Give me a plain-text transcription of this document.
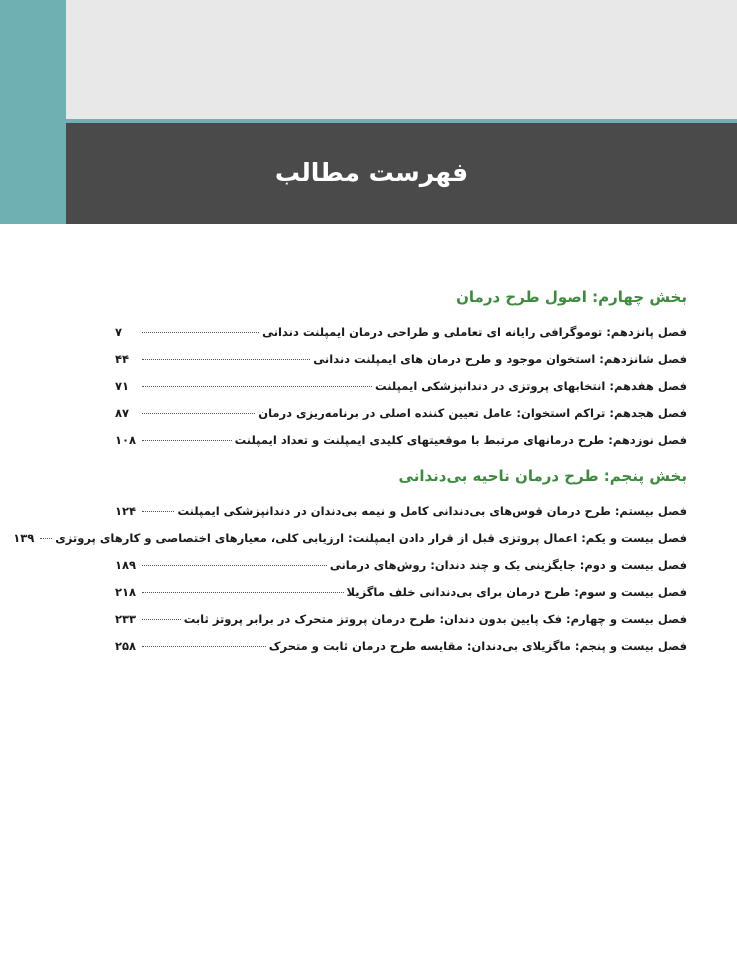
فهرست مطالب
بخش چهارم: اصول طرح درمان
فصل پانزدهم: توموگرافی رایانه ای تعاملی و طراحی درمان ایمپلنت دندانی
۷
فصل شانزدهم: استخوان موجود و طرح درمان های ایمپلنت دندانی
۴۴
فصل هفدهم: انتخابهای پروتزی در دندانپزشکی ایمپلنت
۷۱
فصل هجدهم: تراکم استخوان: عامل تعیین کننده اصلی در برنامه‌ریزی درمان
۸۷
فصل نوزدهم: طرح درمانهای مرتبط با موقعیتهای کلیدی ایمپلنت و تعداد ایمپلنت
۱۰۸
بخش پنجم: طرح درمان ناحیه بی‌دندانی
فصل بیستم: طرح درمان قوس‌های بی‌دندانی کامل و نیمه بی‌دندان در دندانپزشکی ایمپلنت
۱۲۴
فصل بیست و یکم: اعمال پروتزی قبل از قرار دادن ایمپلنت: ارزیابی کلی، معیارهای اختصاصی و کارهای پروتزی
۱۳۹
فصل بیست و دوم: جایگزینی یک و چند دندان: روش‌های درمانی
۱۸۹
فصل بیست و سوم: طرح درمان برای بی‌دندانی خلف ماگزیلا
۲۱۸
فصل بیست و چهارم: فک پایین بدون دندان: طرح درمان پروتز متحرک در برابر پروتز ثابت
۲۳۳
فصل بیست و پنجم: ماگزیلای بی‌دندان: مقایسه طرح درمان ثابت و متحرک
۲۵۸
